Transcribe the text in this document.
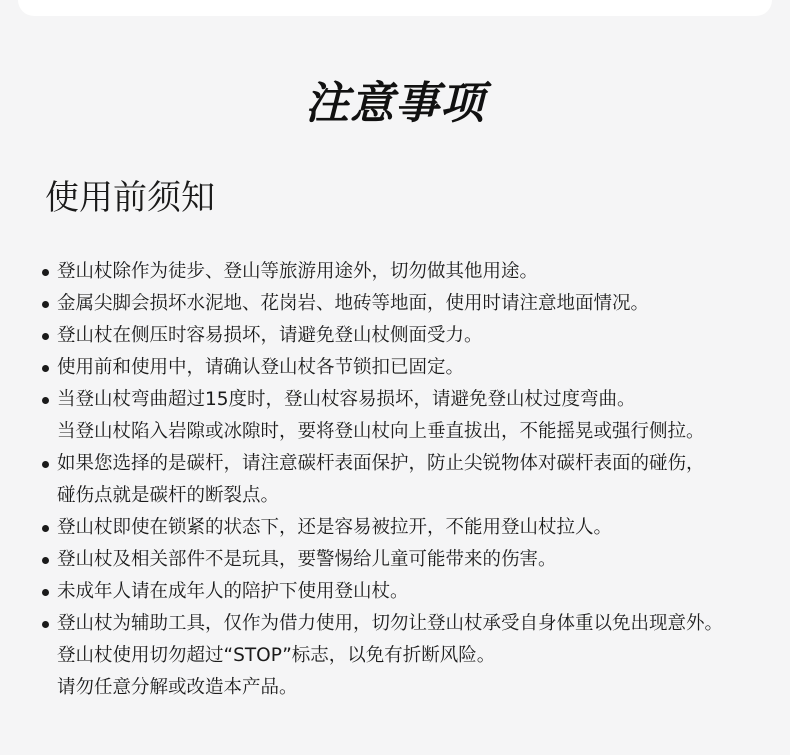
注意事项
使用前须知
登山杖除作为徒步、登山等旅游用途外，切勿做其他用途。
金属尖脚会损坏水泥地、花岗岩、地砖等地面，使用时请注意地面情况。
登山杖在侧压时容易损坏，请避免登山杖侧面受力。
使用前和使用中，请确认登山杖各节锁扣已固定。
当登山杖弯曲超过15度时，登山杖容易损坏，请避免登山杖过度弯曲。
当登山杖陷入岩隙或冰隙时，要将登山杖向上垂直拔出，不能摇晃或强行侧拉。
如果您选择的是碳杆，请注意碳杆表面保护，防止尖锐物体对碳杆表面的碰伤，
碰伤点就是碳杆的断裂点。
登山杖即使在锁紧的状态下，还是容易被拉开，不能用登山杖拉人。
登山杖及相关部件不是玩具，要警惕给儿童可能带来的伤害。
未成年人请在成年人的陪护下使用登山杖。
登山杖为辅助工具，仅作为借力使用，切勿让登山杖承受自身体重以免出现意外。
登山杖使用切勿超过“STOP”标志，以免有折断风险。
请勿任意分解或改造本产品。
